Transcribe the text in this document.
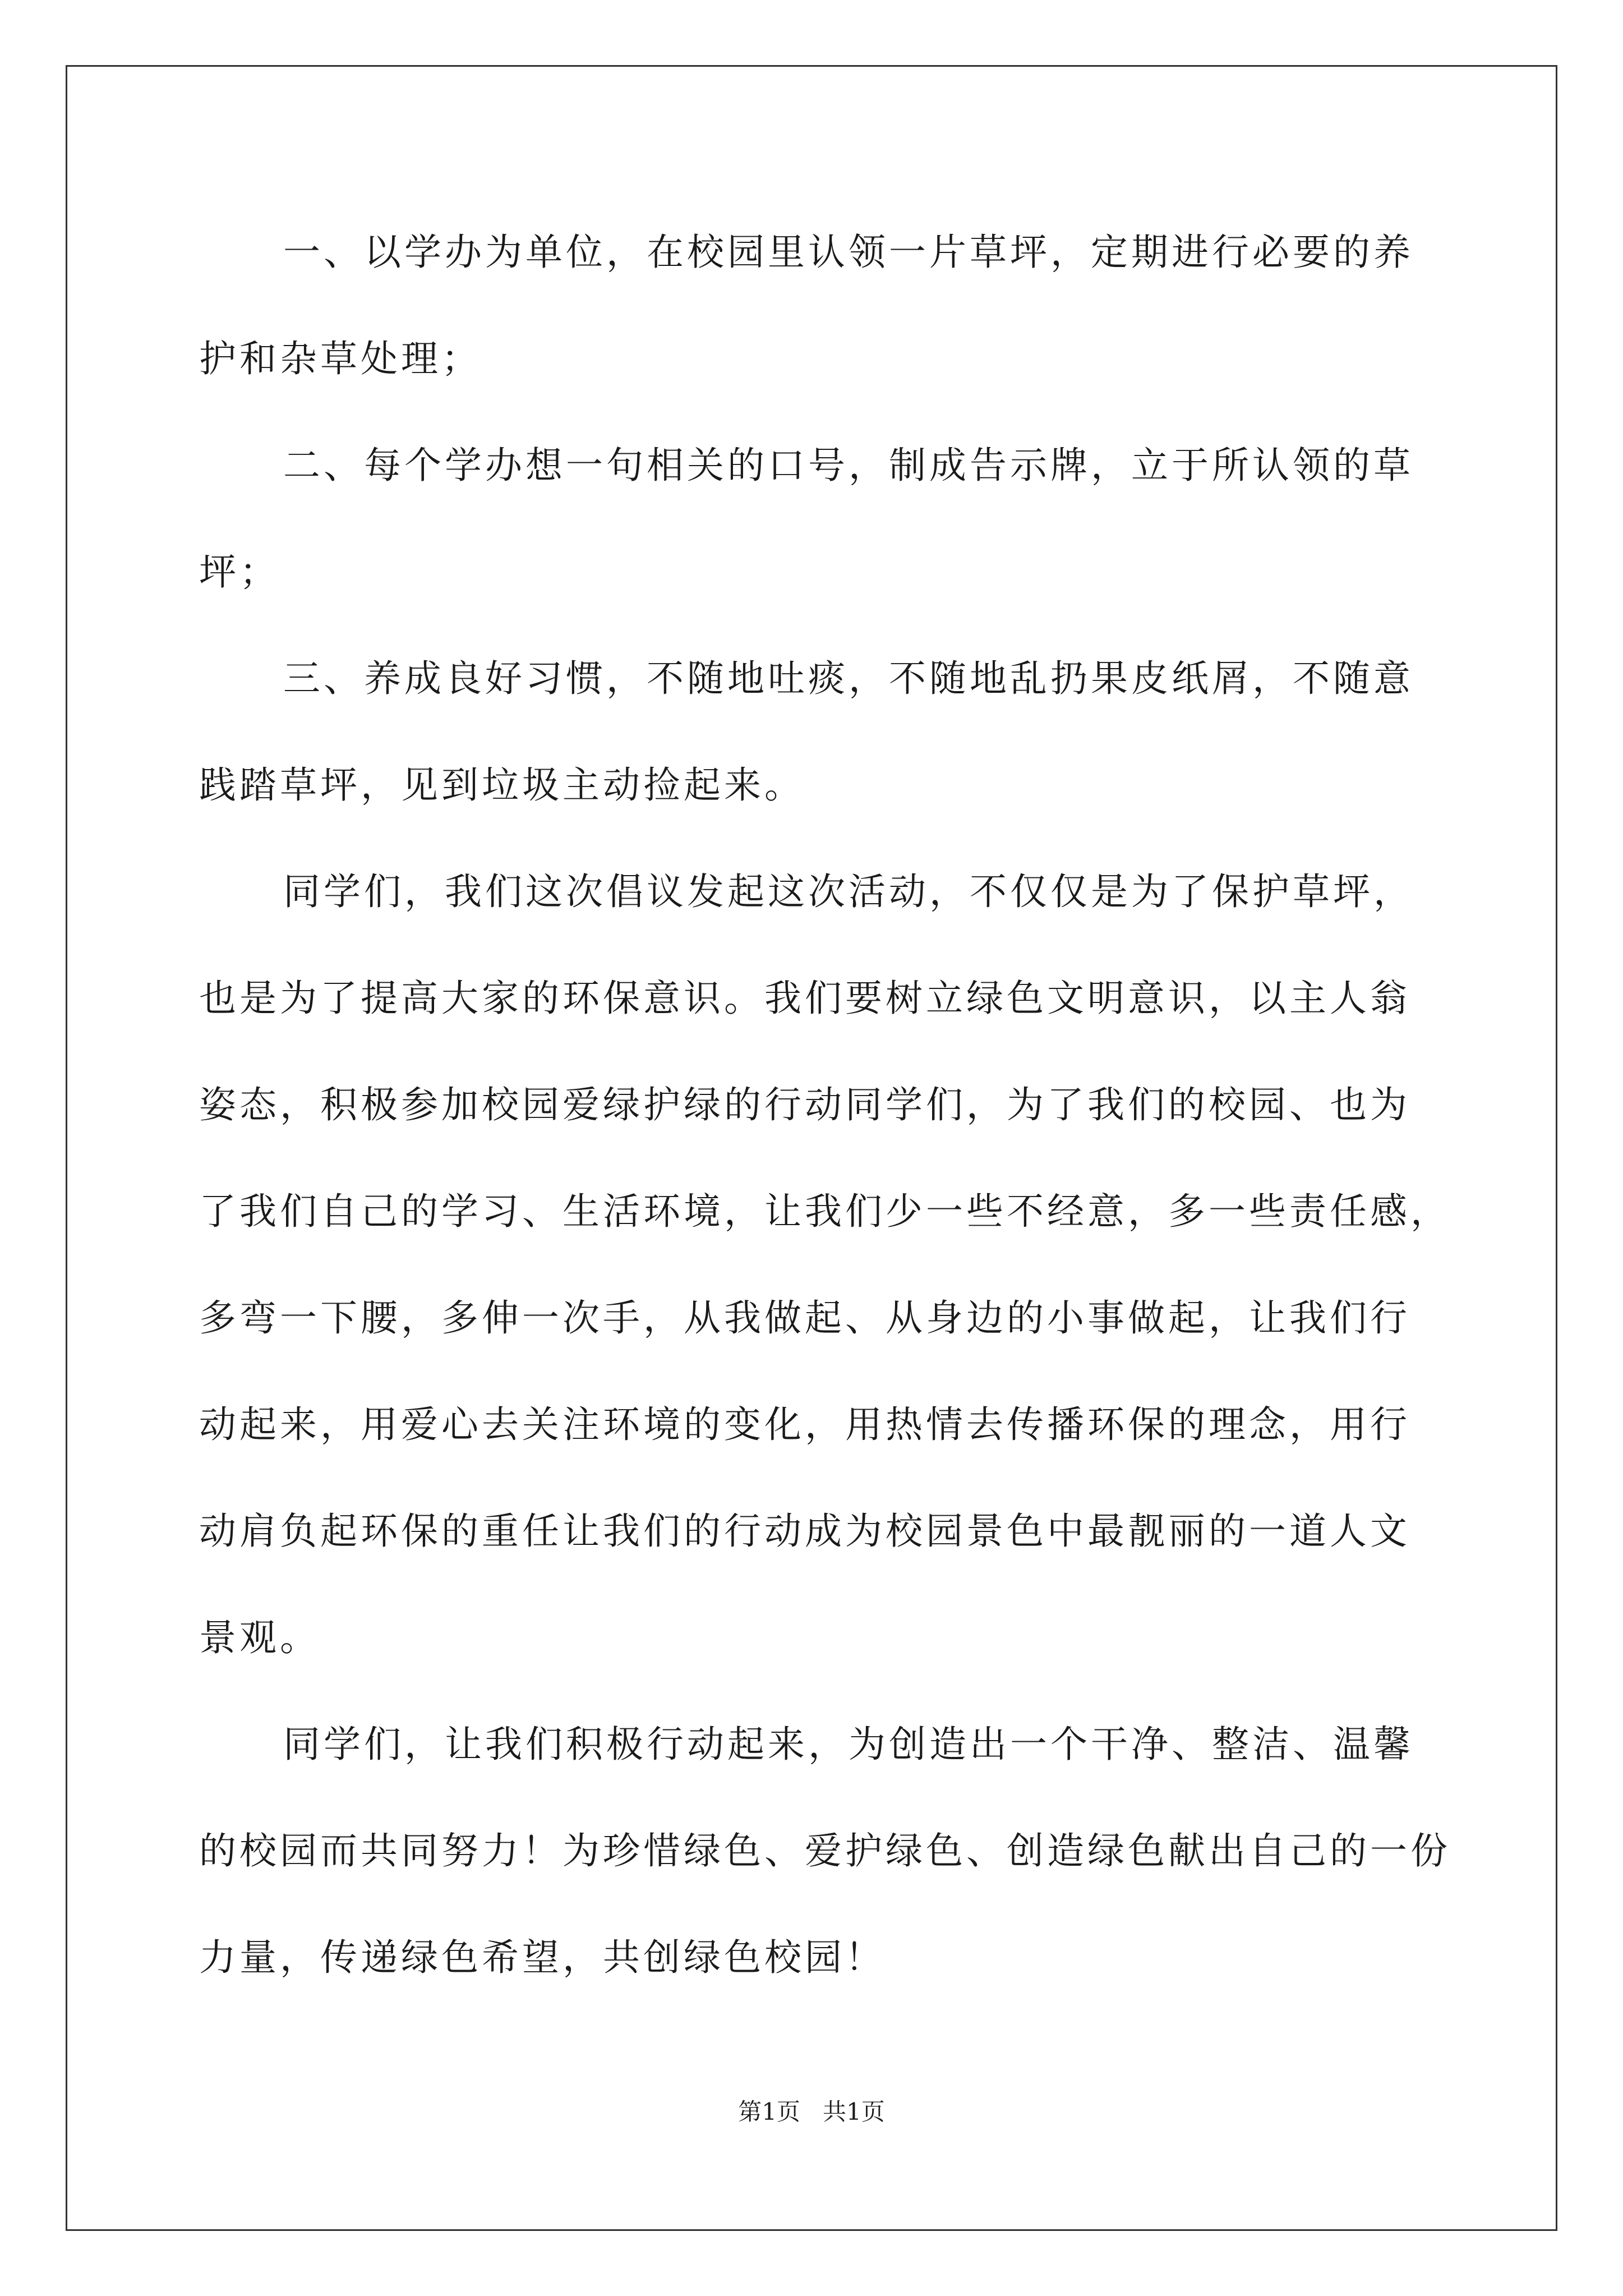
一、以学办为单位，在校园里认领一片草坪，定期进行必要的养
护和杂草处理；
二、每个学办想一句相关的口号，制成告示牌，立于所认领的草
坪；
三、养成良好习惯，不随地吐痰，不随地乱扔果皮纸屑，不随意
践踏草坪，见到垃圾主动捡起来。
同学们，我们这次倡议发起这次活动，不仅仅是为了保护草坪，
也是为了提高大家的环保意识。我们要树立绿色文明意识，以主人翁
姿态，积极参加校园爱绿护绿的行动同学们，为了我们的校园、也为
了我们自己的学习、生活环境，让我们少一些不经意，多一些责任感，
多弯一下腰，多伸一次手，从我做起、从身边的小事做起，让我们行
动起来，用爱心去关注环境的变化，用热情去传播环保的理念，用行
动肩负起环保的重任让我们的行动成为校园景色中最靓丽的一道人文
景观。
同学们，让我们积极行动起来，为创造出一个干净、整洁、温馨
的校园而共同努力！为珍惜绿色、爱护绿色、创造绿色献出自己的一份
力量，传递绿色希望，共创绿色校园！
第1页   共1页
